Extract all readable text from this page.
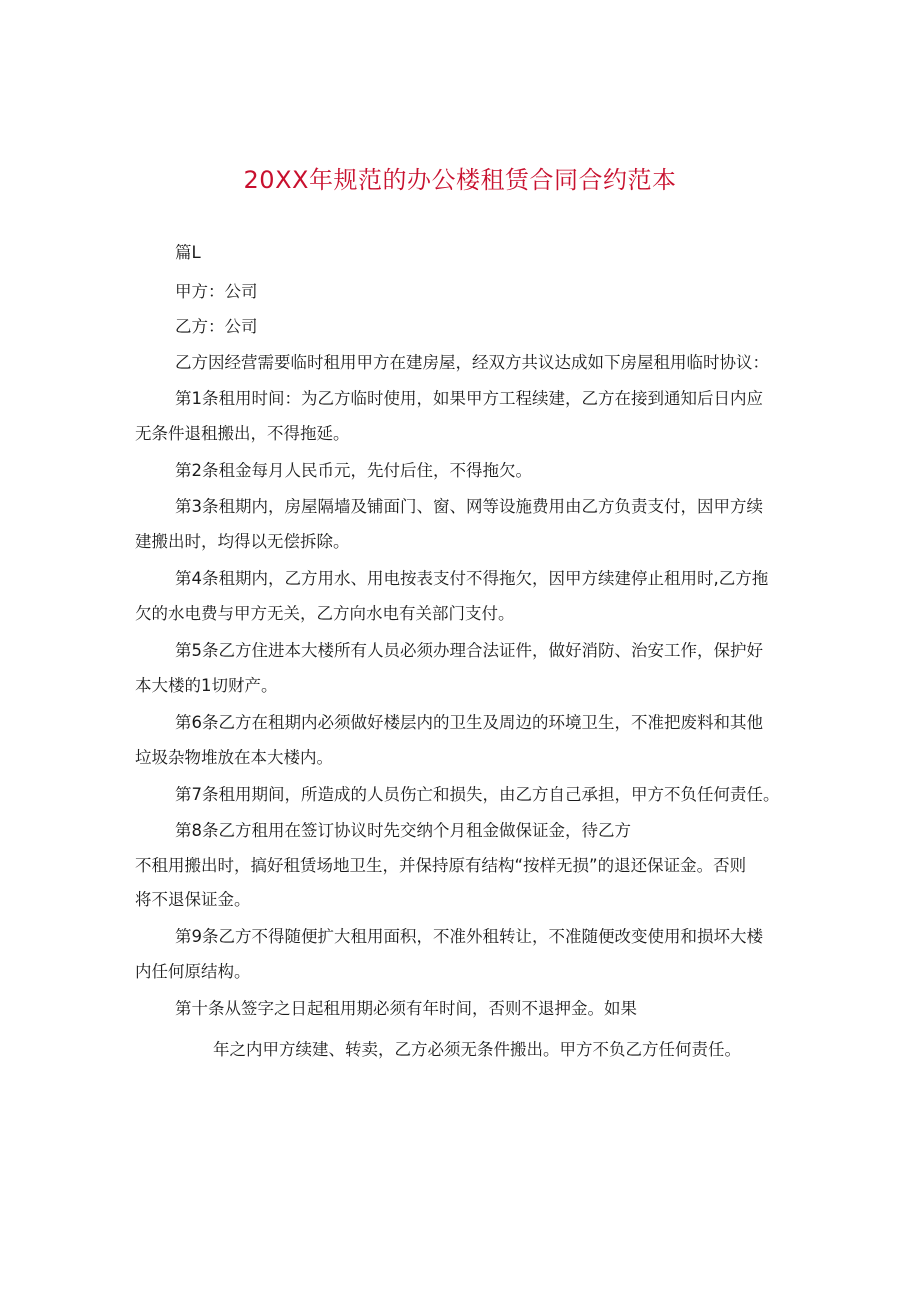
20XX年规范的办公楼租赁合同合约范本
篇L
甲方：公司
乙方：公司
乙方因经营需要临时租用甲方在建房屋，经双方共议达成如下房屋租用临时协议：
第1条租用时间：为乙方临时使用，如果甲方工程续建，乙方在接到通知后日内应
无条件退租搬出，不得拖延。
第2条租金每月人民币元，先付后住，不得拖欠。
第3条租期内，房屋隔墙及铺面门、窗、网等设施费用由乙方负责支付，因甲方续
建搬出时，均得以无偿拆除。
第4条租期内，乙方用水、用电按表支付不得拖欠，因甲方续建停止租用时,乙方拖
欠的水电费与甲方无关，乙方向水电有关部门支付。
第5条乙方住进本大楼所有人员必须办理合法证件，做好消防、治安工作，保护好
本大楼的1切财产。
第6条乙方在租期内必须做好楼层内的卫生及周边的环境卫生，不准把废料和其他
垃圾杂物堆放在本大楼内。
第7条租用期间，所造成的人员伤亡和损失，由乙方自己承担，甲方不负任何责任。
第8条乙方租用在签订协议时先交纳个月租金做保证金，待乙方
不租用搬出时，搞好租赁场地卫生，并保持原有结构“按样无损”的退还保证金。否则
将不退保证金。
第9条乙方不得随便扩大租用面积，不准外租转让，不准随便改变使用和损坏大楼
内任何原结构。
第十条从签字之日起租用期必须有年时间，否则不退押金。如果
年之内甲方续建、转卖，乙方必须无条件搬出。甲方不负乙方任何责任。
